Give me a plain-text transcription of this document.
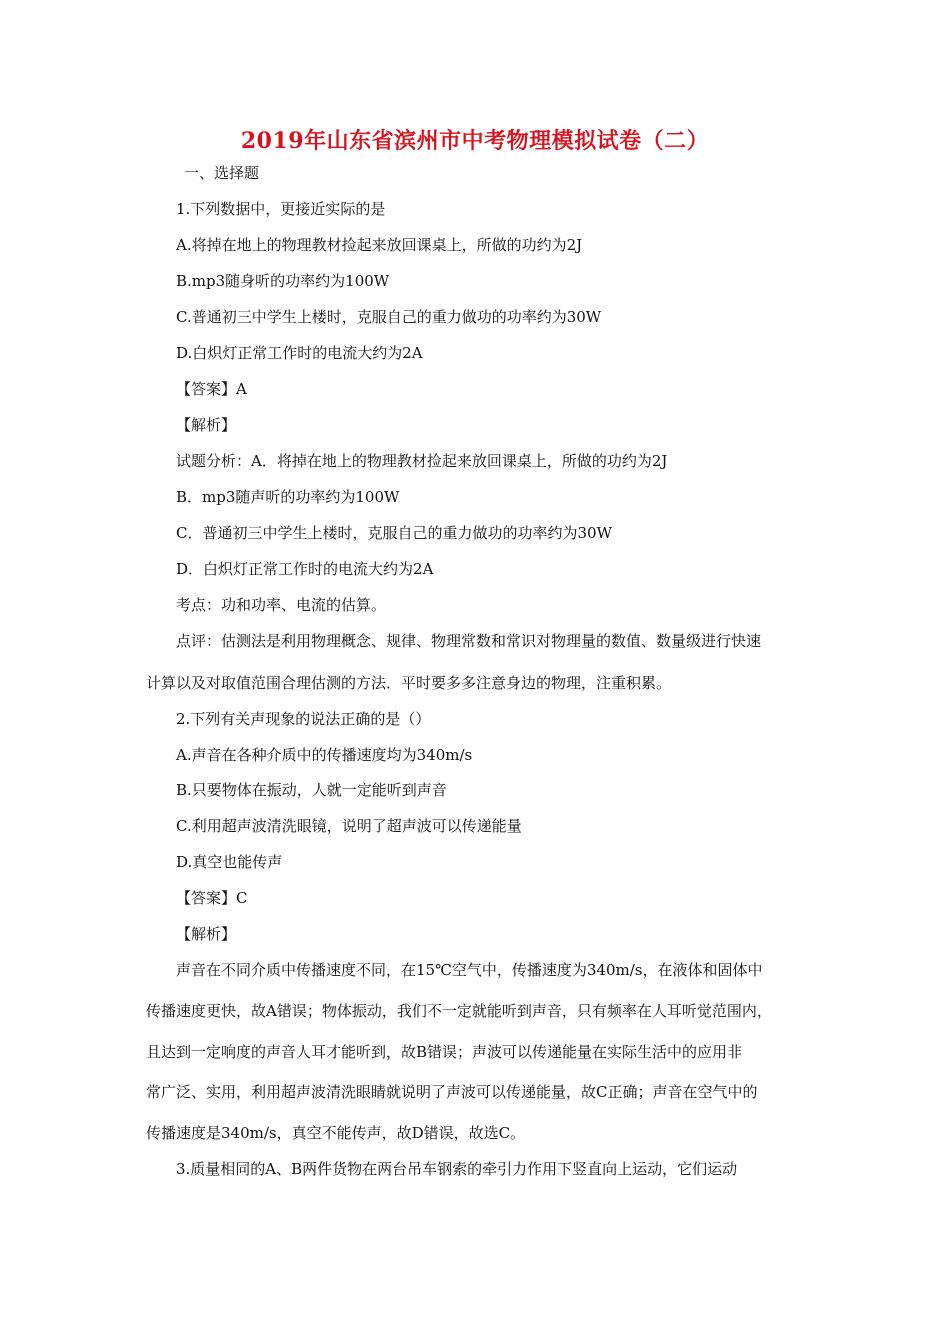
2019年山东省滨州市中考物理模拟试卷（二）
一、选择题
1.下列数据中，更接近实际的是
A.将掉在地上的物理教材捡起来放回课桌上，所做的功约为2J
B.mp3随身听的功率约为100W
C.普通初三中学生上楼时，克服自己的重力做功的功率约为30W
D.白炽灯正常工作时的电流大约为2A
【答案】A
【解析】
试题分析：A．将掉在地上的物理教材捡起来放回课桌上，所做的功约为2J
B．mp3随声听的功率约为100W
C．普通初三中学生上楼时，克服自己的重力做功的功率约为30W
D．白炽灯正常工作时的电流大约为2A
考点：功和功率、电流的估算。
点评：估测法是利用物理概念、规律、物理常数和常识对物理量的数值、数量级进行快速
计算以及对取值范围合理估测的方法．平时要多多注意身边的物理，注重积累。
2.下列有关声现象的说法正确的是（）
A.声音在各种介质中的传播速度均为340m/s
B.只要物体在振动，人就一定能听到声音
C.利用超声波清洗眼镜，说明了超声波可以传递能量
D.真空也能传声
【答案】C
【解析】
声音在不同介质中传播速度不同，在15℃空气中，传播速度为340m/s，在液体和固体中
传播速度更快，故A错误；物体振动，我们不一定就能听到声音，只有频率在人耳听觉范围内，
且达到一定响度的声音人耳才能听到，故B错误；声波可以传递能量在实际生活中的应用非
常广泛、实用，利用超声波清洗眼睛就说明了声波可以传递能量，故C正确；声音在空气中的
传播速度是340m/s，真空不能传声，故D错误，故选C。
3.质量相同的A、B两件货物在两台吊车钢索的牵引力作用下竖直向上运动，它们运动
